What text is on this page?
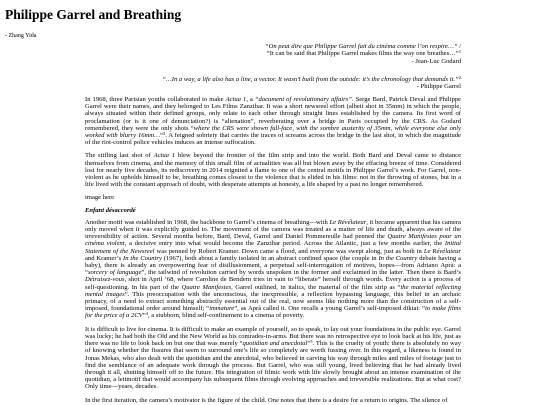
Philippe Garrel and Breathing
- Zhang Yida
“On peut dire que Philippe Garrel fait du cinéma comme l’on respire…” /
“It can be said that Philippe Garrel makes films the way one breathes…”$^1$
- Jean-Luc Godard
“…In a way, a life also has a line, a vector. It wasn’t built from the outside: it’s the chronology that demands it.”$^2$
- Philippe Garrel

In 1968, three Parisian youths collaborated to make Actua 1, a “document of revolutionary affairs”. Serge Bard, Patrick Deval and Philippe Garrel were their names, and they belonged to Les Films Zanzibar. It was a short newsreel effort (albeit shot in 35mm) in which the people, always situated within their defined groups, only relate to each other through straight lines established by the camera. Its first word of proclamation (or is it one of denunciation?) is “alienation”, reverberating over a bridge in Paris occupied by the CRS. As Godard remembered, they were the only shots “where the CRS were shown full-face, with the sombre austerity of 35mm, while everyone else only worked with blurry 16mm…”$^3$. A feigned sobriety that carries the traces of screams across the bridge in the last shot, in which the magnitude of the riot-control police vehicles induces an intense suffocation.

The stifling last shot of Actua 1 blew beyond the frontier of the film strip and into the world. Both Bard and Deval came to distance themselves from cinema, and the memory of this small film of actualities was all but blown away by the effacing breeze of time. Considered lost for nearly five decades, its rediscovery in 2014 reignited a flame to one of the central motifs in Philippe Garrel’s work. For Garrel, non-violent as he upholds himself to be, breathing comes closest to the violence that is elided in his films: not in the throwing of stones, but in a life lived with the constant approach of doubt, with desperate attempts at honesty, a life shaped by a past no longer remembered.

image here
Enfant désaccordé

Another motif was established in 1968, the backbone to Garrel’s cinema of breathing—with Le Révélateur, it became apparent that his camera only moved when it was explicitly guided to. The movement of the camera was treated as a matter of life and death, always aware of the irreversibility of action. Several months before, Bard, Deval, Garrel and Daniel Pommereulle had penned the Quatre Manifestes pour un cinéma violent, a decisive entry into what would become the Zanzibar period. Across the Atlantic, just a few months earlier, the Initial Statement of the Newsreel was penned by Robert Kramer. Down came a flood, and everyone was swept along, just as both in Le Révélateur and Kramer’s In the Country (1967), both about a family isolated in an abstract confined space (the couple in In the Country debate having a baby), there is already an overpowering fear of disillusionment, a perpetual self-interrogation of motives, hopes—from Adriano Aprà: a “sorcery of language”, the tailwind of revolution carried by words unspoken in the former and exclaimed in the latter. Then there is Bard’s Détruisez-vous, shot in April ’68, where Caroline de Bendern tries in vain to “liberate” herself through words. Every action is a process of self-questioning. In his part of the Quatre Manifestes, Garrel outlined, in italics, the material of the film strip as “the material reflecting mental images”. This preoccupation with the unconscious, the inexpressible, a reflection bypassing language, this belief in an archaic primacy, of a need to extract something abstractly essential out of the real, now seems like nothing more than the construction of a self-imposed, foundational order around himself; “immature”, as Aprà called it. One recalls a young Garrel’s self-imposed diktat: “to make films for the price of a 2CV”$^4$, a stubborn, blind self-confinement to a cinema of poverty.

It is difficult to live for cinema. It is difficult to make an example of yourself, so to speak, to lay out your foundations in the public eye. Garrel was lucky; he had both the Old and the New World as his comrades-in-arms. But there was no retrospective eye to look back at his life, just as there was no life to look back on but one that was merely “quotidian and anecdotal”$^5$. This is the cruelty of youth: there is absolutely no way of knowing whether the fissures that seem to surround one’s life so completely are worth fussing over. In this regard, a likeness is found in Jonas Mekas, who also dealt with the quotidian and the anecdotal, who believed in carving his way through miles and miles of footage just to find the semblance of an adequate work through the process. But Garrel, who was still young, lived believing that he had already lived through it all, shutting himself off to the future. His integration of filmic work with life slowly brought about an intense examination of the quotidian, a leitmotif that would accompany his subsequent films through evolving approaches and irreversible realizations. But at what cost? Only time—years, decades.

In the first iteration, the camera’s motivator is the figure of the child. One notes that there is a desire for a return to origins. The silence of
